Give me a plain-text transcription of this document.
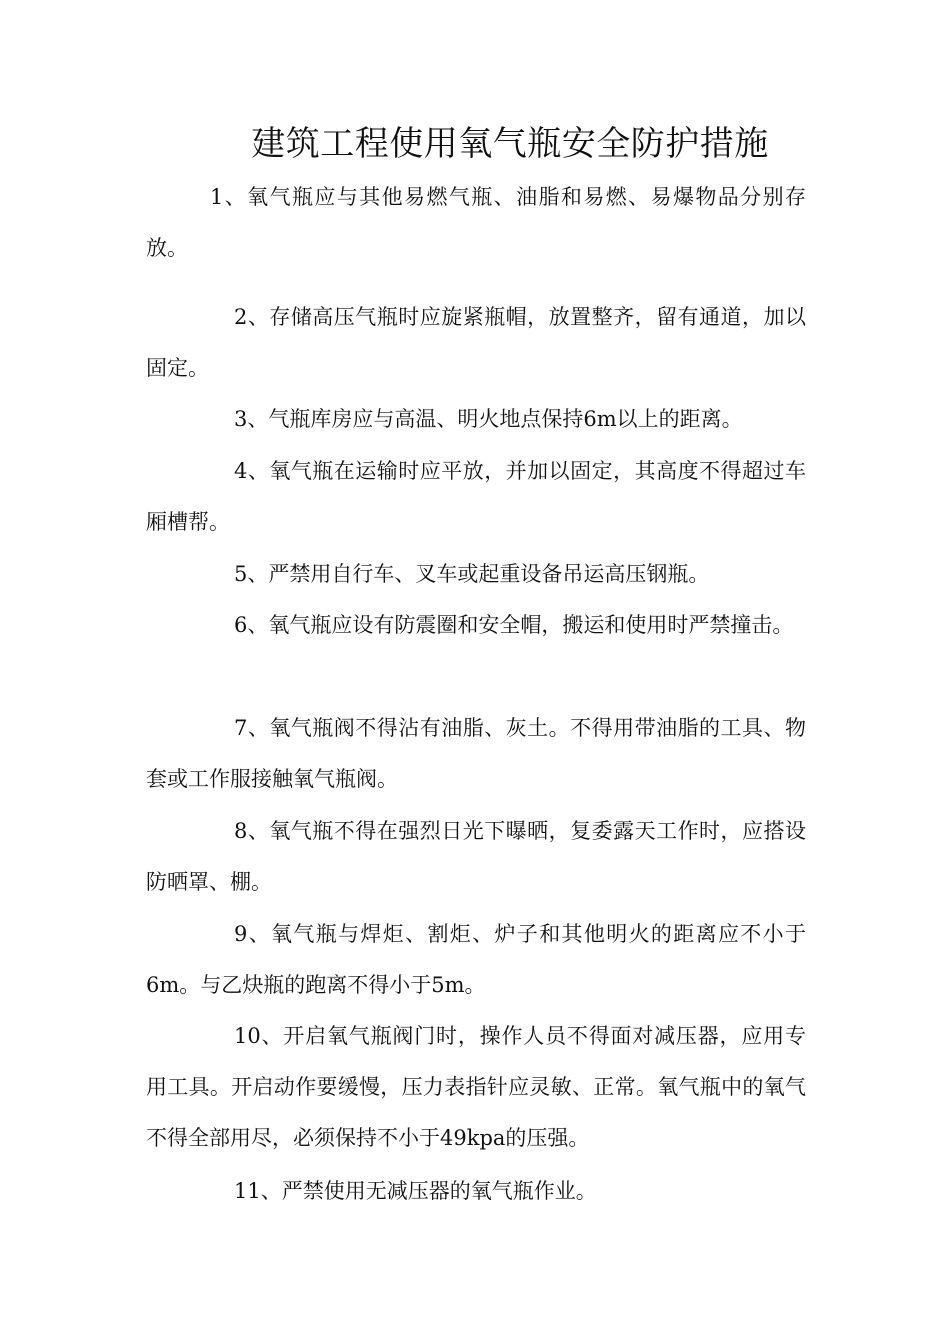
建筑工程使用氧气瓶安全防护措施

1、氧气瓶应与其他易燃气瓶、油脂和易燃、易爆物品分别存放。

2、存储高压气瓶时应旋紧瓶帽，放置整齐，留有通道，加以固定。

3、气瓶库房应与高温、明火地点保持6m以上的距离。

4、氧气瓶在运输时应平放，并加以固定，其高度不得超过车厢槽帮。

5、严禁用自行车、叉车或起重设备吊运高压钢瓶。

6、氧气瓶应设有防震圈和安全帽，搬运和使用时严禁撞击。

7、氧气瓶阀不得沾有油脂、灰土。不得用带油脂的工具、物套或工作服接触氧气瓶阀。

8、氧气瓶不得在强烈日光下曝晒，复委露天工作时，应搭设防晒罩、棚。

9、氧气瓶与焊炬、割炬、炉子和其他明火的距离应不小于6m。与乙炔瓶的跑离不得小于5m。

10、开启氧气瓶阀门时，操作人员不得面对减压器，应用专用工具。开启动作要缓慢，压力表指针应灵敏、正常。氧气瓶中的氧气不得全部用尽，必须保持不小于49kpa的压强。

11、严禁使用无减压器的氧气瓶作业。
